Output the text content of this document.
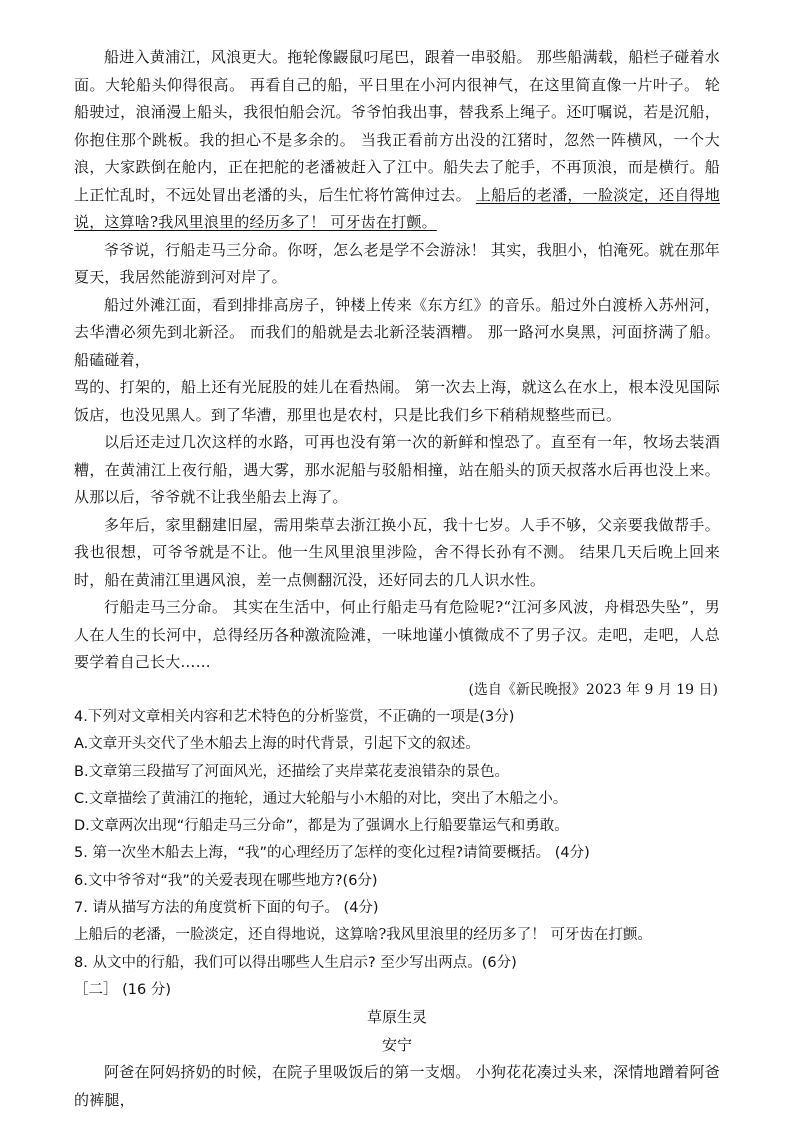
船进入黄浦江，风浪更大。拖轮像鼹鼠叼尾巴，跟着一串驳船。 那些船满载，船栏子碰着水面。大轮船头仰得很高。 再看自己的船，平日里在小河内很神气，在这里简直像一片叶子。 轮船驶过，浪涌漫上船头，我很怕船会沉。爷爷怕我出事，替我系上绳子。还叮嘱说，若是沉船，你抱住那个跳板。我的担心不是多余的。 当我正看前方出没的江猪时，忽然一阵横风，一个大浪，大家跌倒在舱内，正在把舵的老潘被赶入了江中。船失去了舵手，不再顶浪，而是横行。船上正忙乱时，不远处冒出老潘的头，后生忙将竹篙伸过去。 上船后的老潘，一脸淡定，还自得地说，这算啥?我风里浪里的经历多了！ 可牙齿在打颤。

爷爷说，行船走马三分命。你呀，怎么老是学不会游泳！ 其实，我胆小，怕淹死。就在那年夏天，我居然能游到河对岸了。

船过外滩江面，看到排排高房子，钟楼上传来《东方红》的音乐。船过外白渡桥入苏州河，去华漕必须先到北新泾。 而我们的船就是去北新泾装酒糟。 那一路河水臭黑，河面挤满了船。船磕碰着，
骂的、打架的，船上还有光屁股的娃儿在看热闹。 第一次去上海，就这么在水上，根本没见国际饭店，也没见黑人。到了华漕，那里也是农村，只是比我们乡下稍稍规整些而已。

以后还走过几次这样的水路，可再也没有第一次的新鲜和惶恐了。直至有一年，牧场去装酒糟，在黄浦江上夜行船，遇大雾，那水泥船与驳船相撞，站在船头的顶天叔落水后再也没上来。从那以后，爷爷就不让我坐船去上海了。

多年后，家里翻建旧屋，需用柴草去浙江换小瓦，我十七岁。人手不够，父亲要我做帮手。 我也很想，可爷爷就是不让。他一生风里浪里涉险，舍不得长孙有不测。 结果几天后晚上回来时，船在黄浦江里遇风浪，差一点侧翻沉没，还好同去的几人识水性。

行船走马三分命。 其实在生活中，何止行船走马有危险呢?“江河多风波，舟楫恐失坠”，男人在人生的长河中，总得经历各种激流险滩，一味地谨小慎微成不了男子汉。走吧，走吧，人总要学着自己长大……

(选自《新民晚报》2023 年 9 月 19 日)

4.下列对文章相关内容和艺术特色的分析鉴赏，不正确的一项是(3分)

A.文章开头交代了坐木船去上海的时代背景，引起下文的叙述。

B.文章第三段描写了河面风光，还描绘了夹岸菜花麦浪错杂的景色。

C.文章描绘了黄浦江的拖轮，通过大轮船与小木船的对比，突出了木船之小。

D.文章两次出现“行船走马三分命”，都是为了强调水上行船要靠运气和勇敢。

5. 第一次坐木船去上海，“我”的心理经历了怎样的变化过程?请简要概括。 (4分)

6.文中爷爷对“我”的关爱表现在哪些地方?(6分)

7. 请从描写方法的角度赏析下面的句子。 (4分)

上船后的老潘，一脸淡定，还自得地说，这算啥?我风里浪里的经历多了！ 可牙齿在打颤。

8. 从文中的行船，我们可以得出哪些人生启示? 至少写出两点。(6分)

［二］ (16 分)

草原生灵

安宁

阿爸在阿妈挤奶的时候，在院子里吸饭后的第一支烟。 小狗花花凑过头来，深情地蹭着阿爸的裤腿，
